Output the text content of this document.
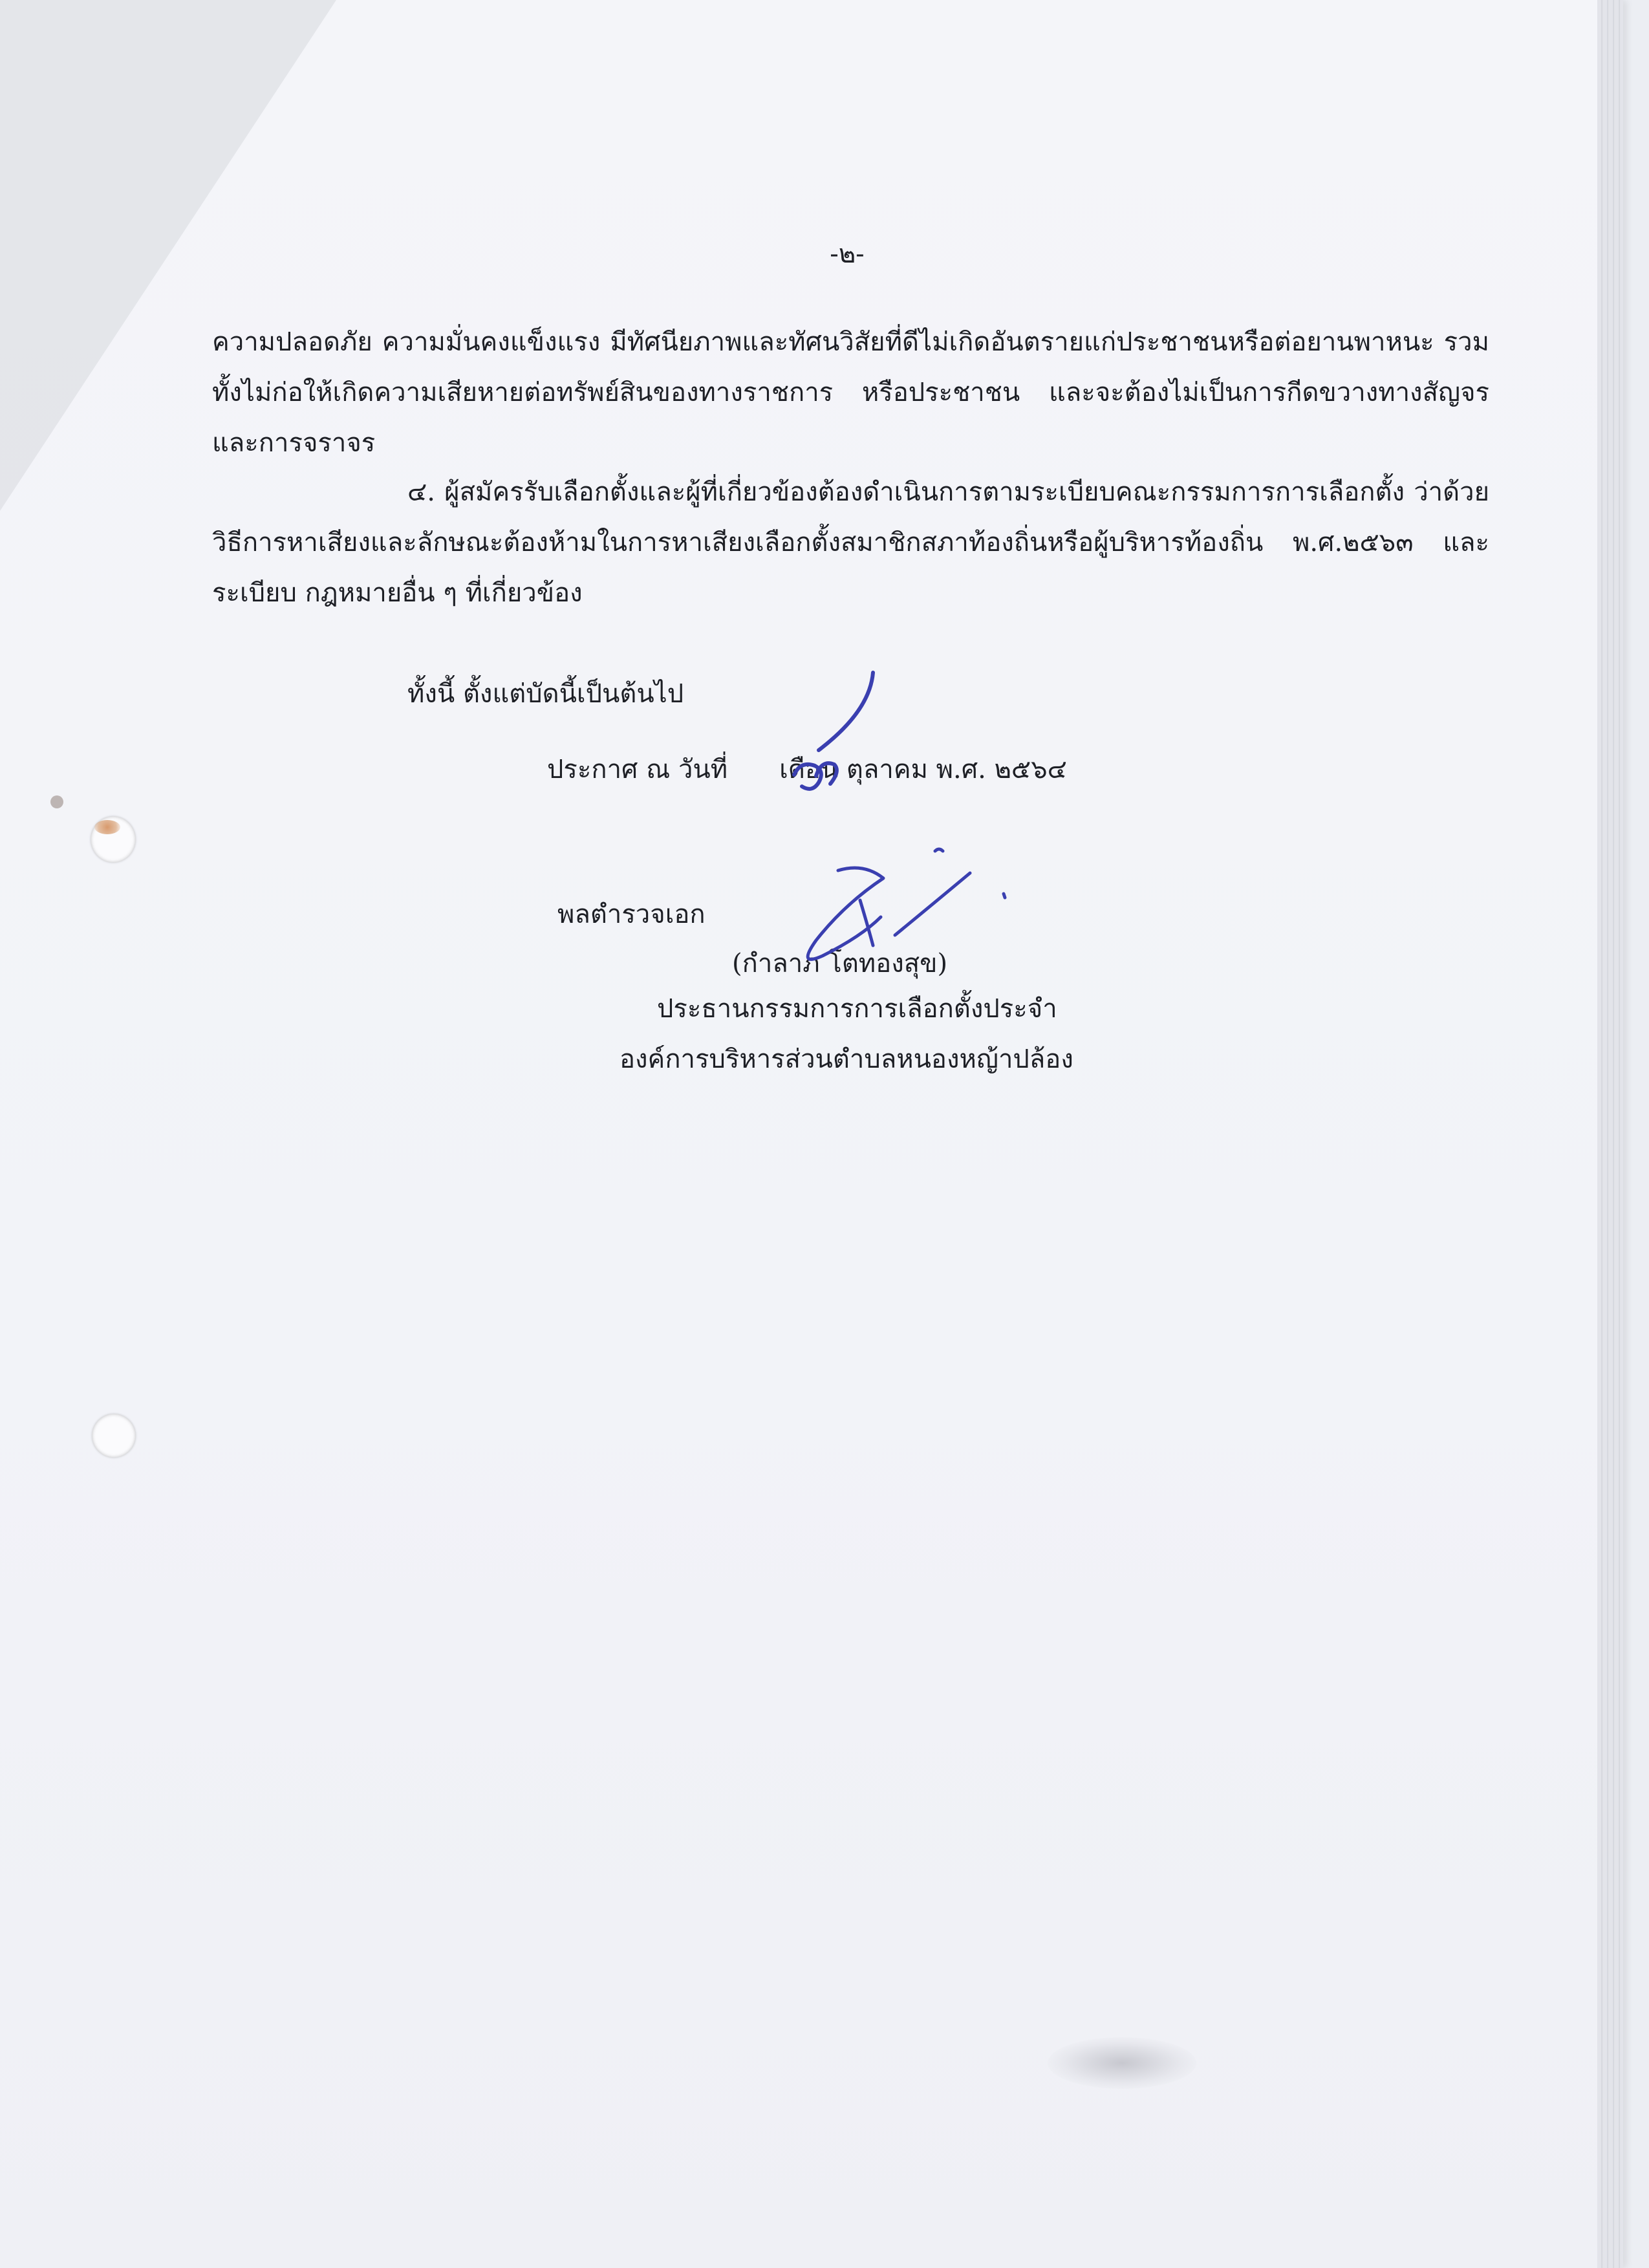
-๒-

ความปลอดภัย ความมั่นคงแข็งแรง มีทัศนียภาพและทัศนวิสัยที่ดีไม่เกิดอันตรายแก่ประชาชนหรือต่อยานพาหนะ รวมทั้งไม่ก่อให้เกิดความเสียหายต่อทรัพย์สินของทางราชการ หรือประชาชน และจะต้องไม่เป็นการกีดขวางทางสัญจรและการจราจร

๔. ผู้สมัครรับเลือกตั้งและผู้ที่เกี่ยวข้องต้องดำเนินการตามระเบียบคณะกรรมการการเลือกตั้ง ว่าด้วยวิธีการหาเสียงและลักษณะต้องห้ามในการหาเสียงเลือกตั้งสมาชิกสภาท้องถิ่นหรือผู้บริหารท้องถิ่น พ.ศ.๒๕๖๓ และระเบียบ กฎหมายอื่น ๆ ที่เกี่ยวข้อง

ทั้งนี้ ตั้งแต่บัดนี้เป็นต้นไป
ประกาศ ณ วันที่ เดือน ตุลาคม พ.ศ. ๒๕๖๔
พลตำรวจเอก
(กำลาภ โตทองสุข)
ประธานกรรมการการเลือกตั้งประจำ
องค์การบริหารส่วนตำบลหนองหญ้าปล้อง
